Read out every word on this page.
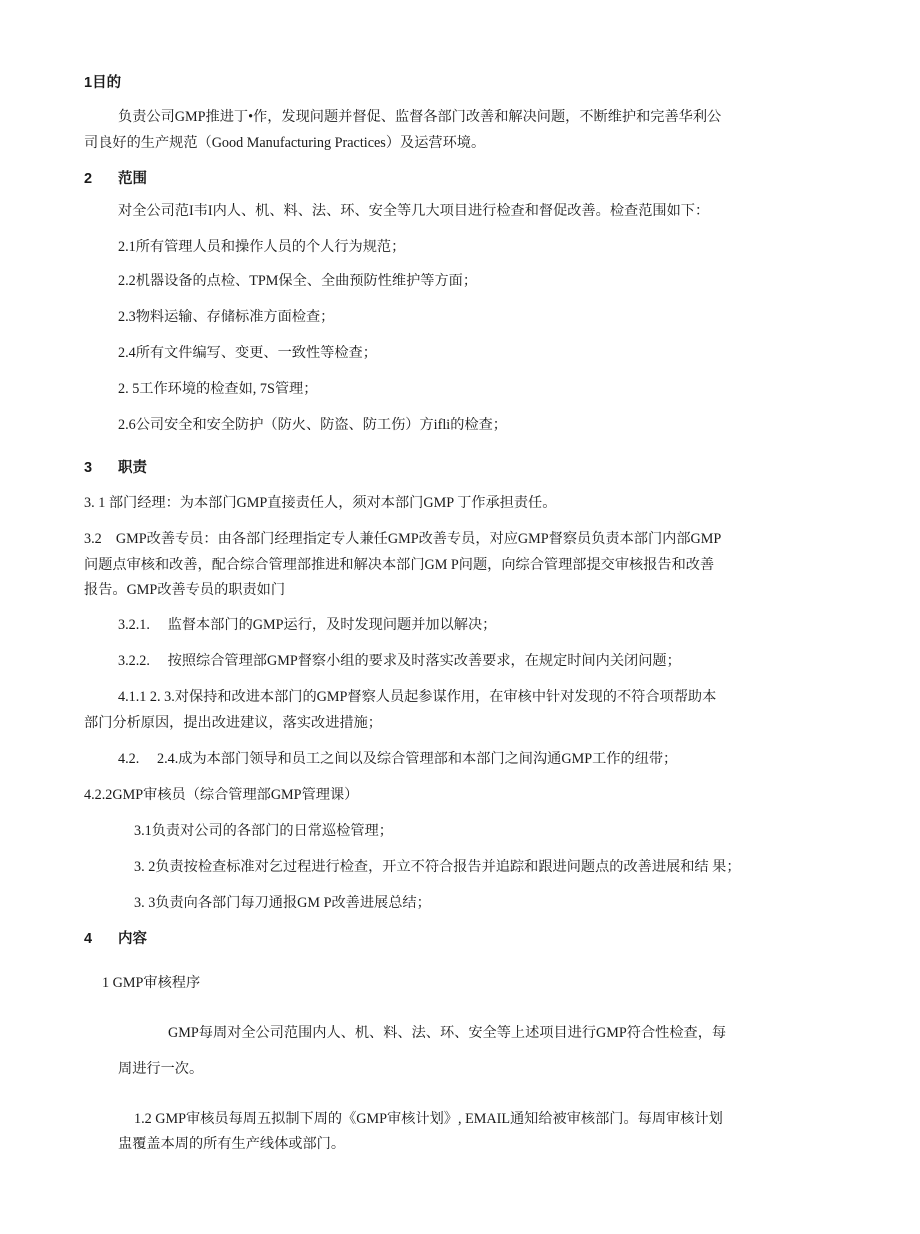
1目的
负责公司GMP推进丁•作，发现问题并督促、监督各部门改善和解决问题，不断维护和完善华利公
司良好的生产规范（Good Manufacturing Practices）及运营环境。
2 范围
对全公司范I韦I内人、机、料、法、环、安全等几大项目进行检查和督促改善。检查范围如下：
2.1所有管理人员和操作人员的个人行为规范；
2.2机器设备的点检、TPM保全、全曲预防性维护等方面；
2.3物料运输、存储标准方面检查；
2.4所有文件编写、变更、一致性等检查；
2. 5工作环境的检查如, 7S管理；
2.6公司安全和安全防护（防火、防盗、防工伤）方ifli的检查；
3 职责
3. 1 部门经理：为本部门GMP直接责任人，须对本部门GMP 丁作承担责任。
3.2　GMP改善专员：由各部门经理指定专人兼任GMP改善专员，对应GMP督察员负责本部门内部GMP
问题点审核和改善，配合综合管理部推进和解决本部门GM P问题，向综合管理部提交审核报告和改善
报告。GMP改善专员的职责如门
3.2.1.　 监督本部门的GMP运行，及时发现问题并加以解决；
3.2.2.　 按照综合管理部GMP督察小组的要求及时落实改善要求，在规定时间内关闭问题；
4.1.1 2. 3.对保持和改进本部门的GMP督察人员起参谋作用，在审核中针对发现的不符合项帮助本
部门分析原因，提出改进建议，落实改进措施；
4.2.　 2.4.成为本部门领导和员工之间以及综合管理部和本部门之间沟通GMP工作的纽带；
4.2.2GMP审核员（综合管理部GMP管理课）
3.1负责对公司的各部门的日常巡检管理；
3. 2负责按检查标准对乞过程进行检查，开立不符合报告并追踪和跟进问题点的改善进展和结 果；
3. 3负责向各部门每刀通报GM P改善进展总结；
4 内容
1 GMP审核程序
GMP每周对全公司范围内人、机、料、法、环、安全等上述项目进行GMP符合性检查，每
周进行一次。
1.2 GMP审核员每周五拟制下周的《GMP审核计划》, EMAIL通知给被审核部门。每周审核计划
盅覆盖本周的所有生产线体或部门。
